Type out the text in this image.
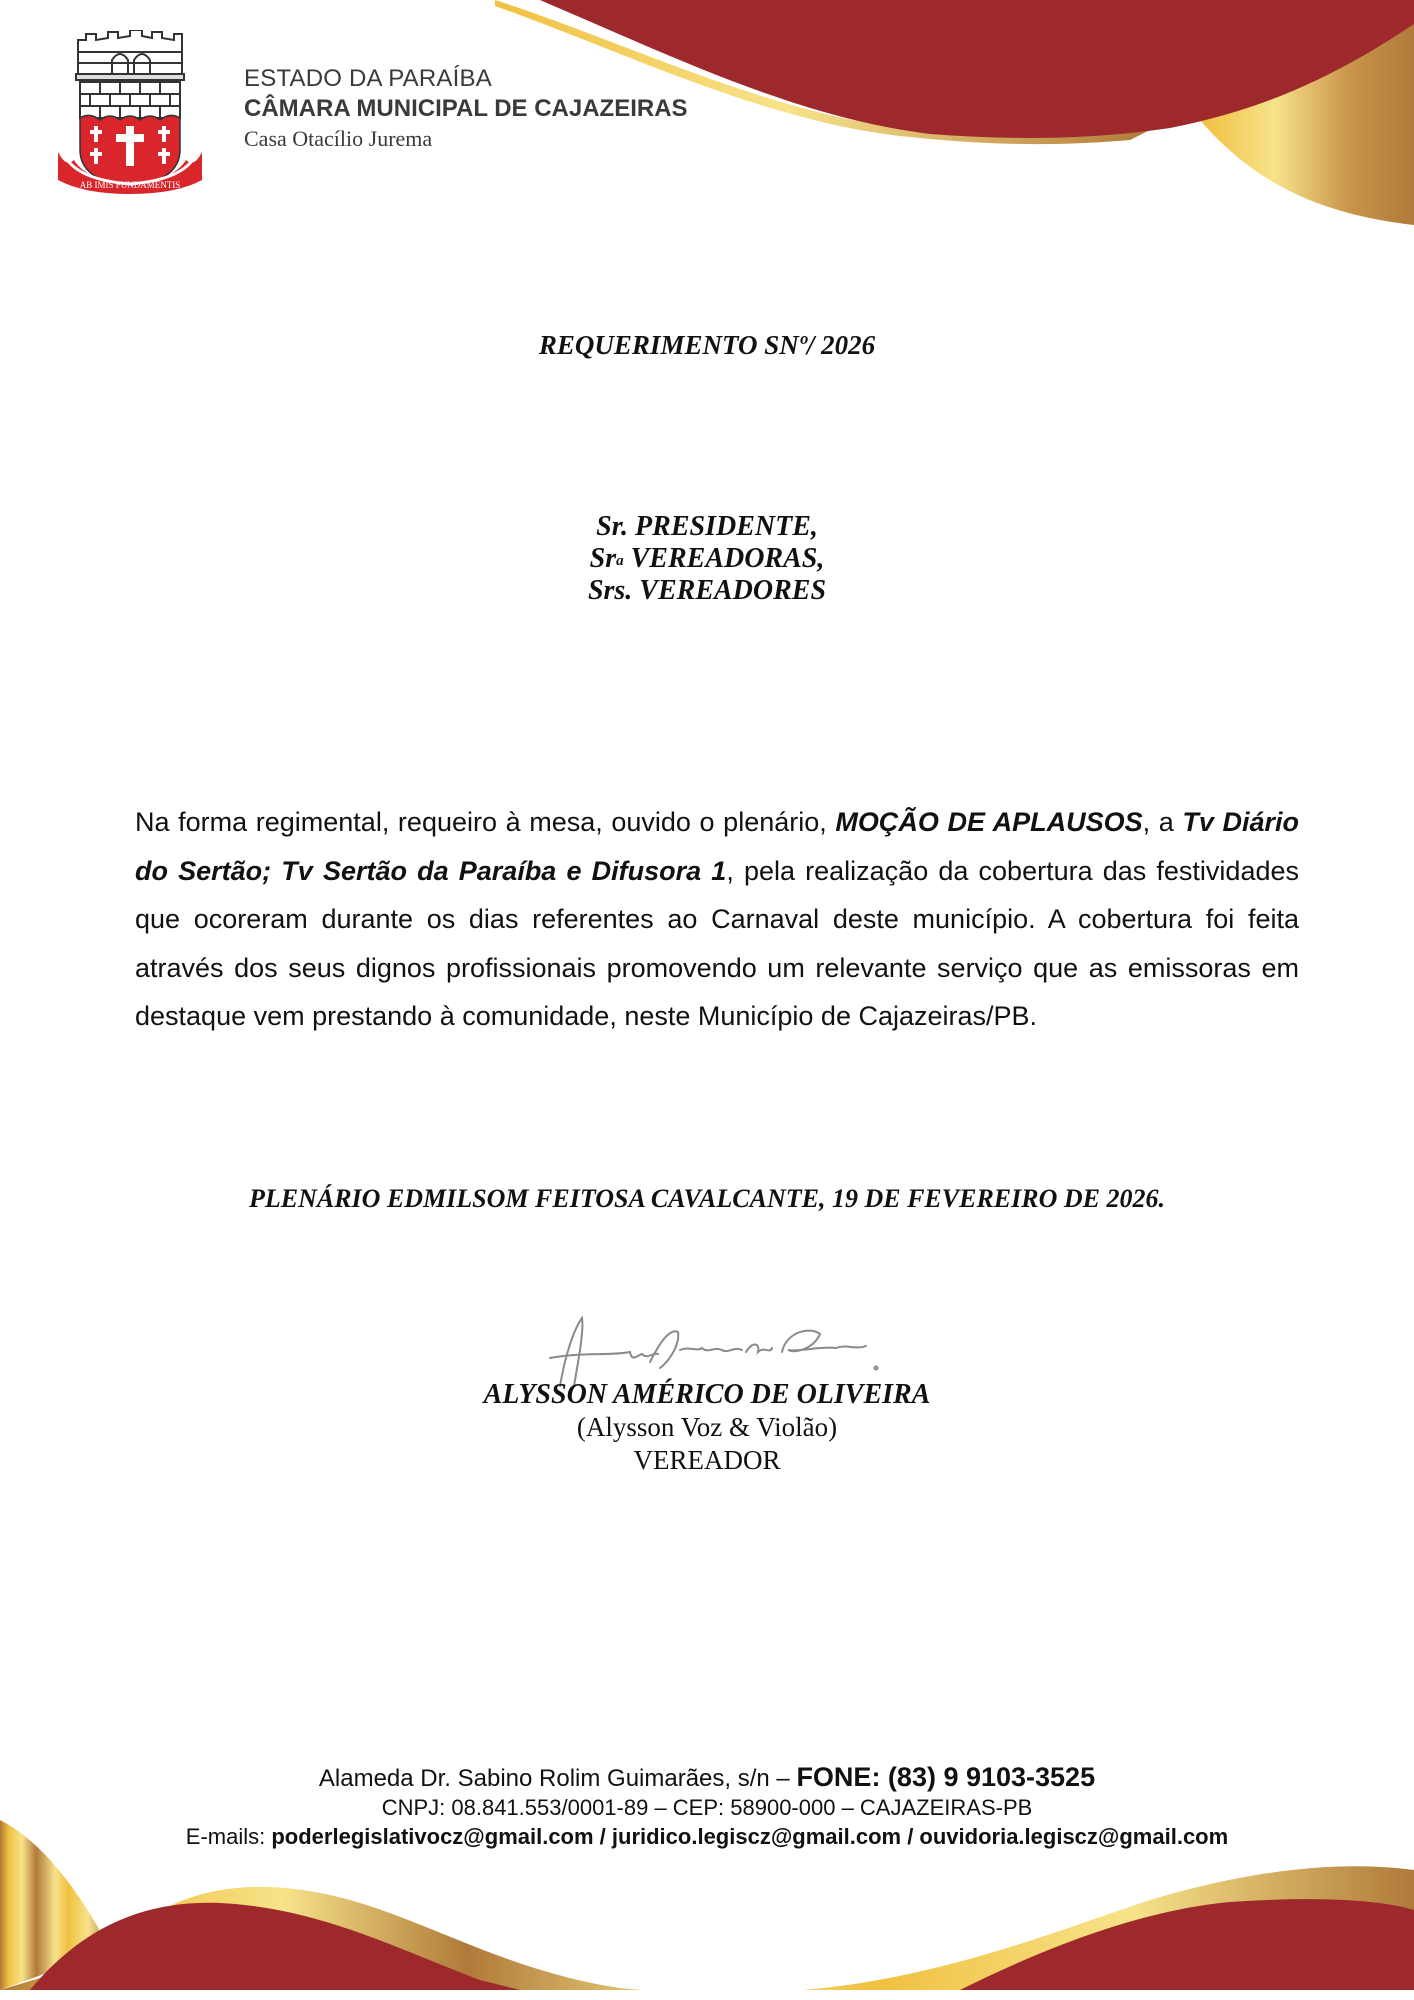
AB IMIS FUNDAMENTIS
ESTADO DA PARAÍBA
CÂMARA MUNICIPAL DE CAJAZEIRAS
Casa Otacílio Jurema
REQUERIMENTO SNº/ 2026
Sr. PRESIDENTE,
Sr$^a$ VEREADORAS,
Srs. VEREADORES
Na forma regimental, requeiro à mesa, ouvido o plenário, MOÇÃO DE APLAUSOS, a Tv Diário do Sertão; Tv Sertão da Paraíba e Difusora 1, pela realização da cobertura das festividades que ocoreram durante os dias referentes ao Carnaval deste município. A cobertura foi feita através dos seus dignos profissionais promovendo um relevante serviço que as emissoras em destaque vem prestando à comunidade, neste Município de Cajazeiras/PB.
PLENÁRIO EDMILSOM FEITOSA CAVALCANTE, 19 DE FEVEREIRO DE 2026.
ALYSSON AMÉRICO DE OLIVEIRA
(Alysson Voz & Violão)
VEREADOR
Alameda Dr. Sabino Rolim Guimarães, s/n – FONE: (83) 9 9103-3525
CNPJ: 08.841.553/0001-89 – CEP: 58900-000 – CAJAZEIRAS-PB
E-mails: poderlegislativocz@gmail.com / juridico.legiscz@gmail.com / ouvidoria.legiscz@gmail.com
